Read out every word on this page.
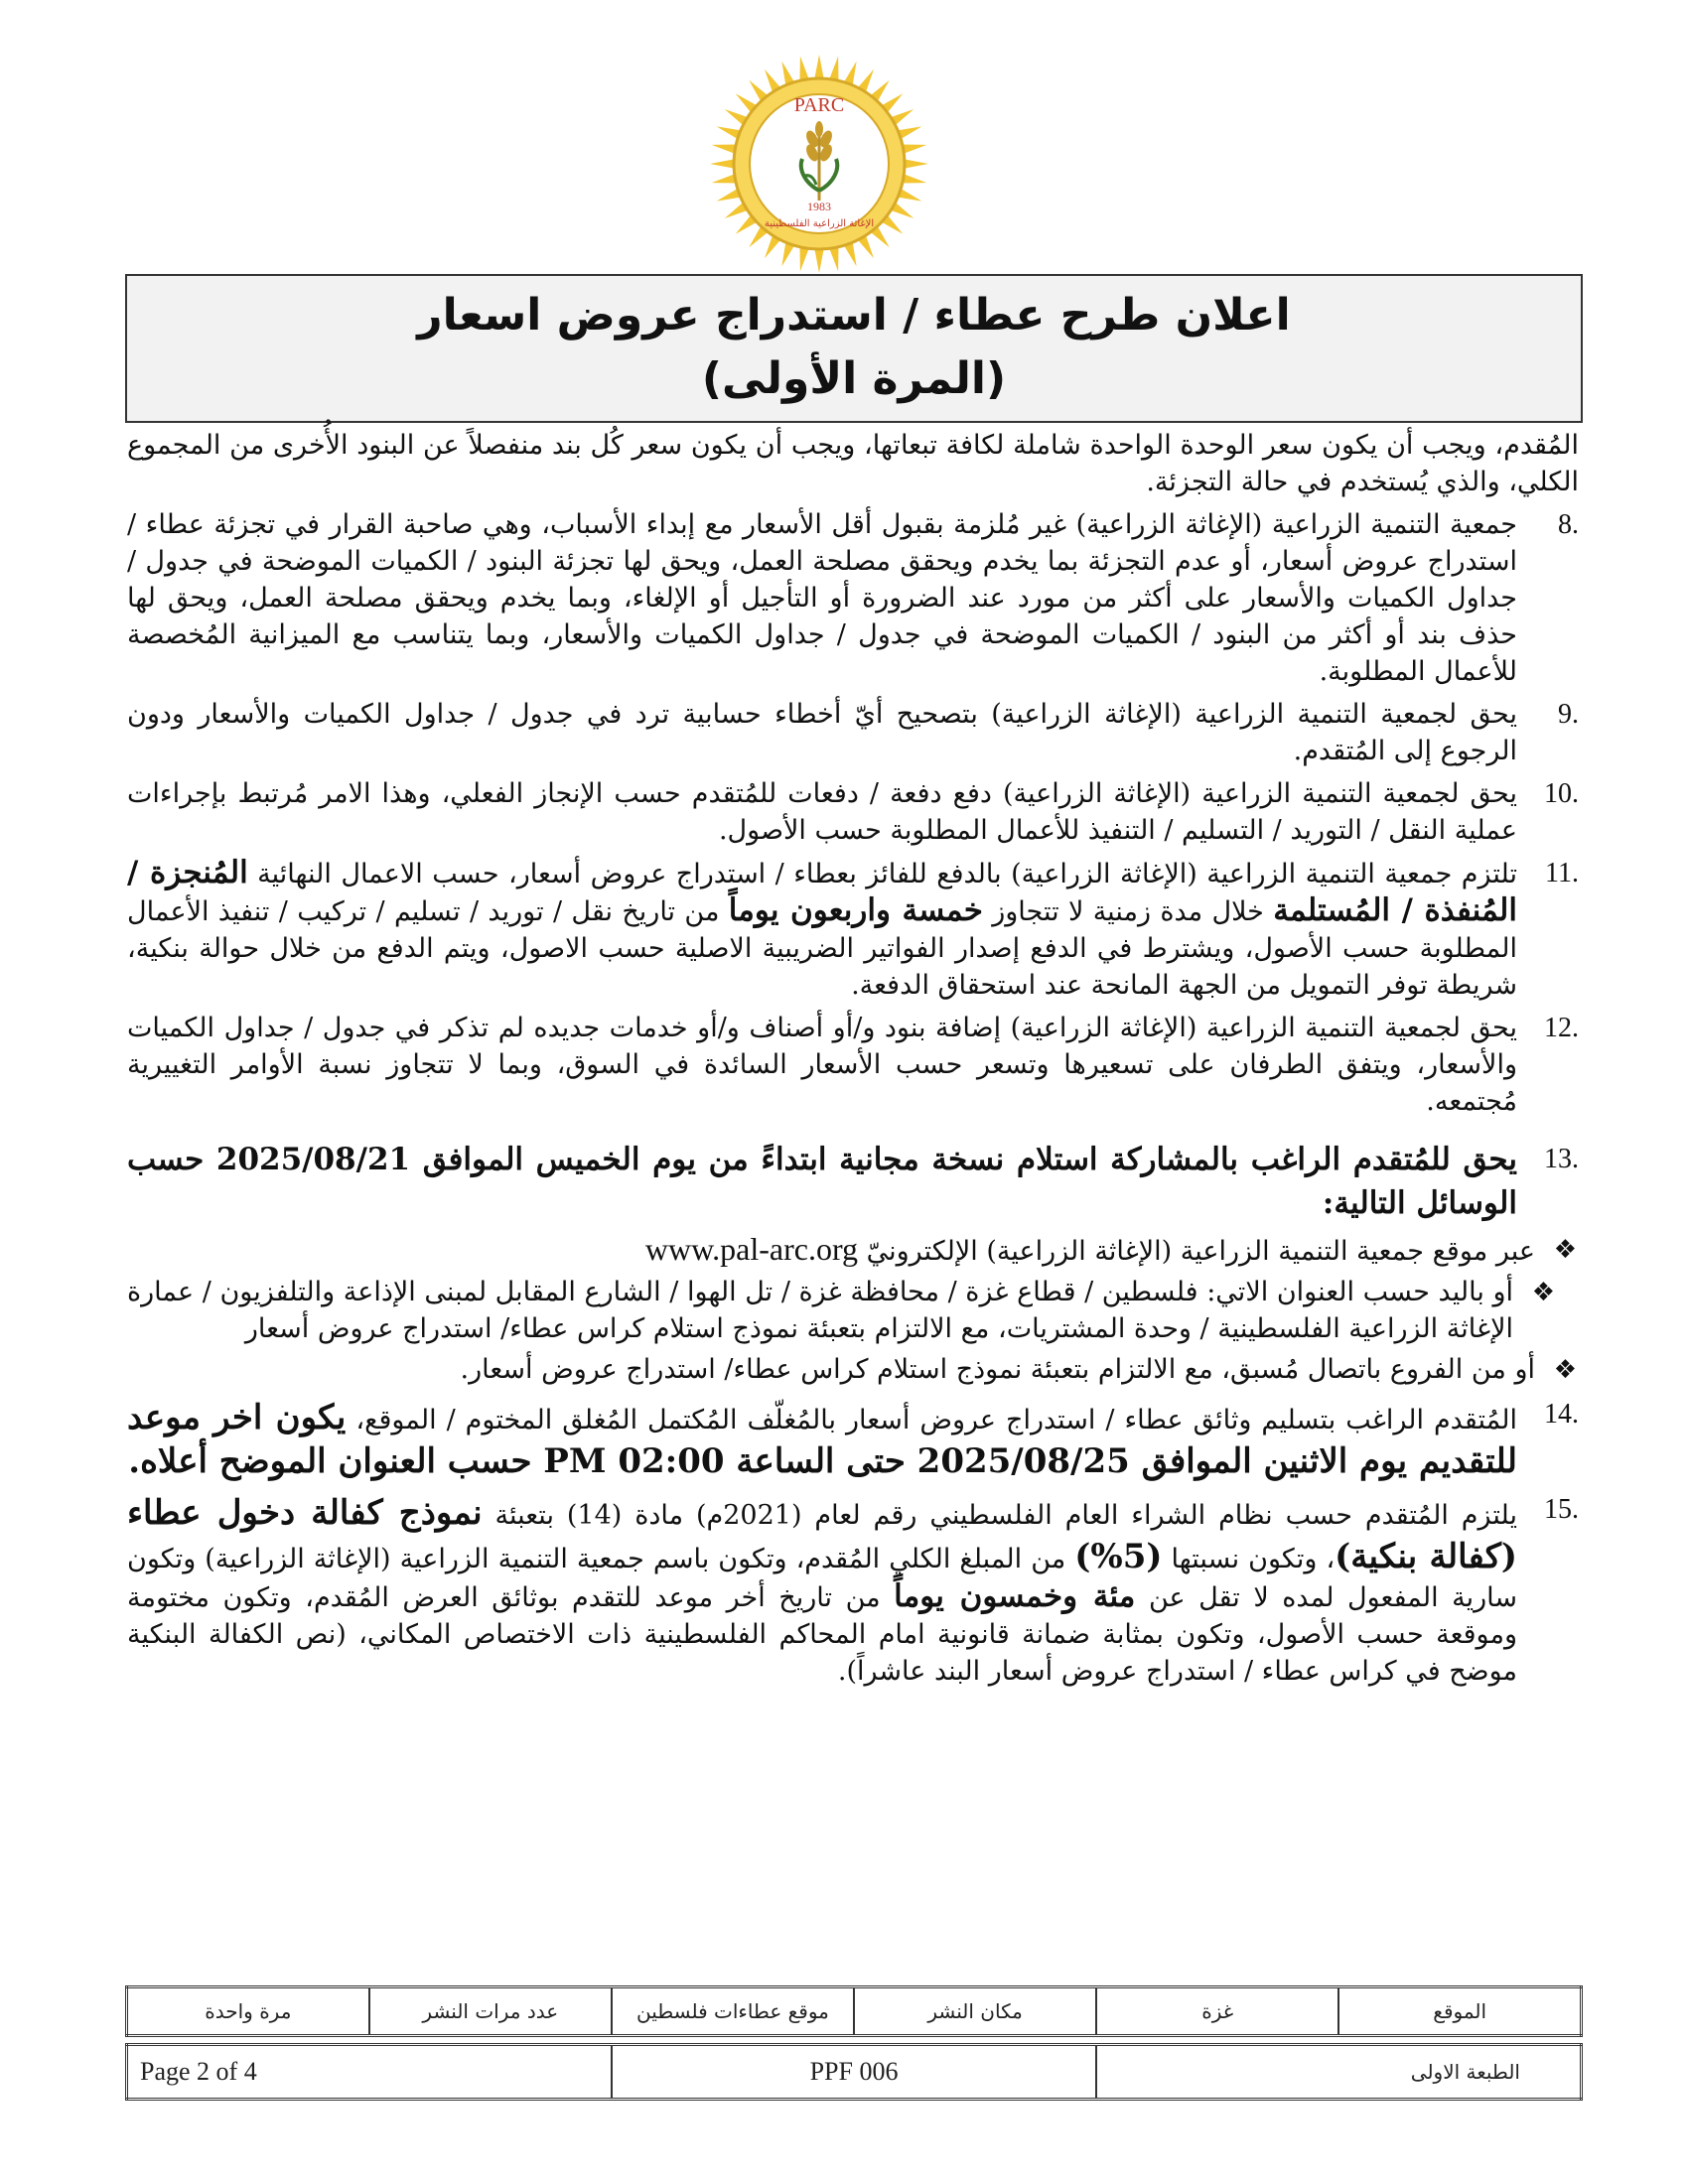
PARC
1983
الإغاثة الزراعية الفلسطينية
اعلان طرح عطاء / استدراج عروض اسعار
(المرة الأولى)

المُقدم، ويجب أن يكون سعر الوحدة الواحدة شاملة لكافة تبعاتها، ويجب أن يكون سعر كُل بند منفصلاً عن البنود الأُخرى من المجموع الكلي، والذي يُستخدم في حالة التجزئة.

8.
جمعية التنمية الزراعية (الإغاثة الزراعية) غير مُلزمة بقبول أقل الأسعار مع إبداء الأسباب، وهي صاحبة القرار في تجزئة عطاء / استدراج عروض أسعار، أو عدم التجزئة بما يخدم ويحقق مصلحة العمل، ويحق لها تجزئة البنود / الكميات الموضحة في جدول / جداول الكميات والأسعار على أكثر من مورد عند الضرورة أو التأجيل أو الإلغاء، وبما يخدم ويحقق مصلحة العمل، ويحق لها حذف بند أو أكثر من البنود / الكميات الموضحة في جدول / جداول الكميات والأسعار، وبما يتناسب مع الميزانية المُخصصة للأعمال المطلوبة.
9.
يحق لجمعية التنمية الزراعية (الإغاثة الزراعية) بتصحيح أيّ أخطاء حسابية ترد في جدول / جداول الكميات والأسعار ودون الرجوع إلى المُتقدم.
10.
يحق لجمعية التنمية الزراعية (الإغاثة الزراعية) دفع دفعة / دفعات للمُتقدم حسب الإنجاز الفعلي، وهذا الامر مُرتبط بإجراءات عملية النقل / التوريد / التسليم / التنفيذ للأعمال المطلوبة حسب الأصول.
11.
تلتزم جمعية التنمية الزراعية (الإغاثة الزراعية) بالدفع للفائز بعطاء / استدراج عروض أسعار، حسب الاعمال النهائية المُنجزة / المُنفذة / المُستلمة خلال مدة زمنية لا تتجاوز خمسة واربعون يوماً من تاريخ نقل / توريد / تسليم / تركيب / تنفيذ الأعمال المطلوبة حسب الأصول، ويشترط في الدفع إصدار الفواتير الضريبية الاصلية حسب الاصول، ويتم الدفع من خلال حوالة بنكية، شريطة توفر التمويل من الجهة المانحة عند استحقاق الدفعة.
12.
يحق لجمعية التنمية الزراعية (الإغاثة الزراعية) إضافة بنود و/أو أصناف و/أو خدمات جديده لم تذكر في جدول / جداول الكميات والأسعار، ويتفق الطرفان على تسعيرها وتسعر حسب الأسعار السائدة في السوق، وبما لا تتجاوز نسبة الأوامر التغييرية مُجتمعه.
13.
يحق للمُتقدم الراغب بالمشاركة استلام نسخة مجانية ابتداءً من يوم الخميس الموافق 2025/08/21 حسب الوسائل التالية:
❖
عبر موقع جمعية التنمية الزراعية (الإغاثة الزراعية) الإلكترونيّ www.pal-arc.org
❖
أو باليد حسب العنوان الاتي: فلسطين / قطاع غزة / محافظة غزة / تل الهوا / الشارع المقابل لمبنى الإذاعة والتلفزيون / عمارة الإغاثة الزراعية الفلسطينية / وحدة المشتريات، مع الالتزام بتعبئة نموذج استلام كراس عطاء/ استدراج عروض أسعار
❖
أو من الفروع باتصال مُسبق، مع الالتزام بتعبئة نموذج استلام كراس عطاء/ استدراج عروض أسعار.
14.
المُتقدم الراغب بتسليم وثائق عطاء / استدراج عروض أسعار بالمُغلّف المُكتمل المُغلق المختوم / الموقع، يكون اخر موعد للتقديم يوم الاثنين الموافق 2025/08/25 حتى الساعة 02:00 PM حسب العنوان الموضح أعلاه.
15.
يلتزم المُتقدم حسب نظام الشراء العام الفلسطيني رقم لعام (2021م) مادة (14) بتعبئة نموذج كفالة دخول عطاء (كفالة بنكية)، وتكون نسبتها (5%) من المبلغ الكلي المُقدم، وتكون باسم جمعية التنمية الزراعية (الإغاثة الزراعية) وتكون سارية المفعول لمده لا تقل عن مئة وخمسون يوماً من تاريخ أخر موعد للتقدم بوثائق العرض المُقدم، وتكون مختومة وموقعة حسب الأصول، وتكون بمثابة ضمانة قانونية امام المحاكم الفلسطينية ذات الاختصاص المكاني، (نص الكفالة البنكية موضح في كراس عطاء / استدراج عروض أسعار البند عاشراً).
الموقع	غزة	مكان النشر	موقع عطاءات فلسطين	عدد مرات النشر	مرة واحدة
الطبعة الاولى	PPF 006	Page 2 of 4
